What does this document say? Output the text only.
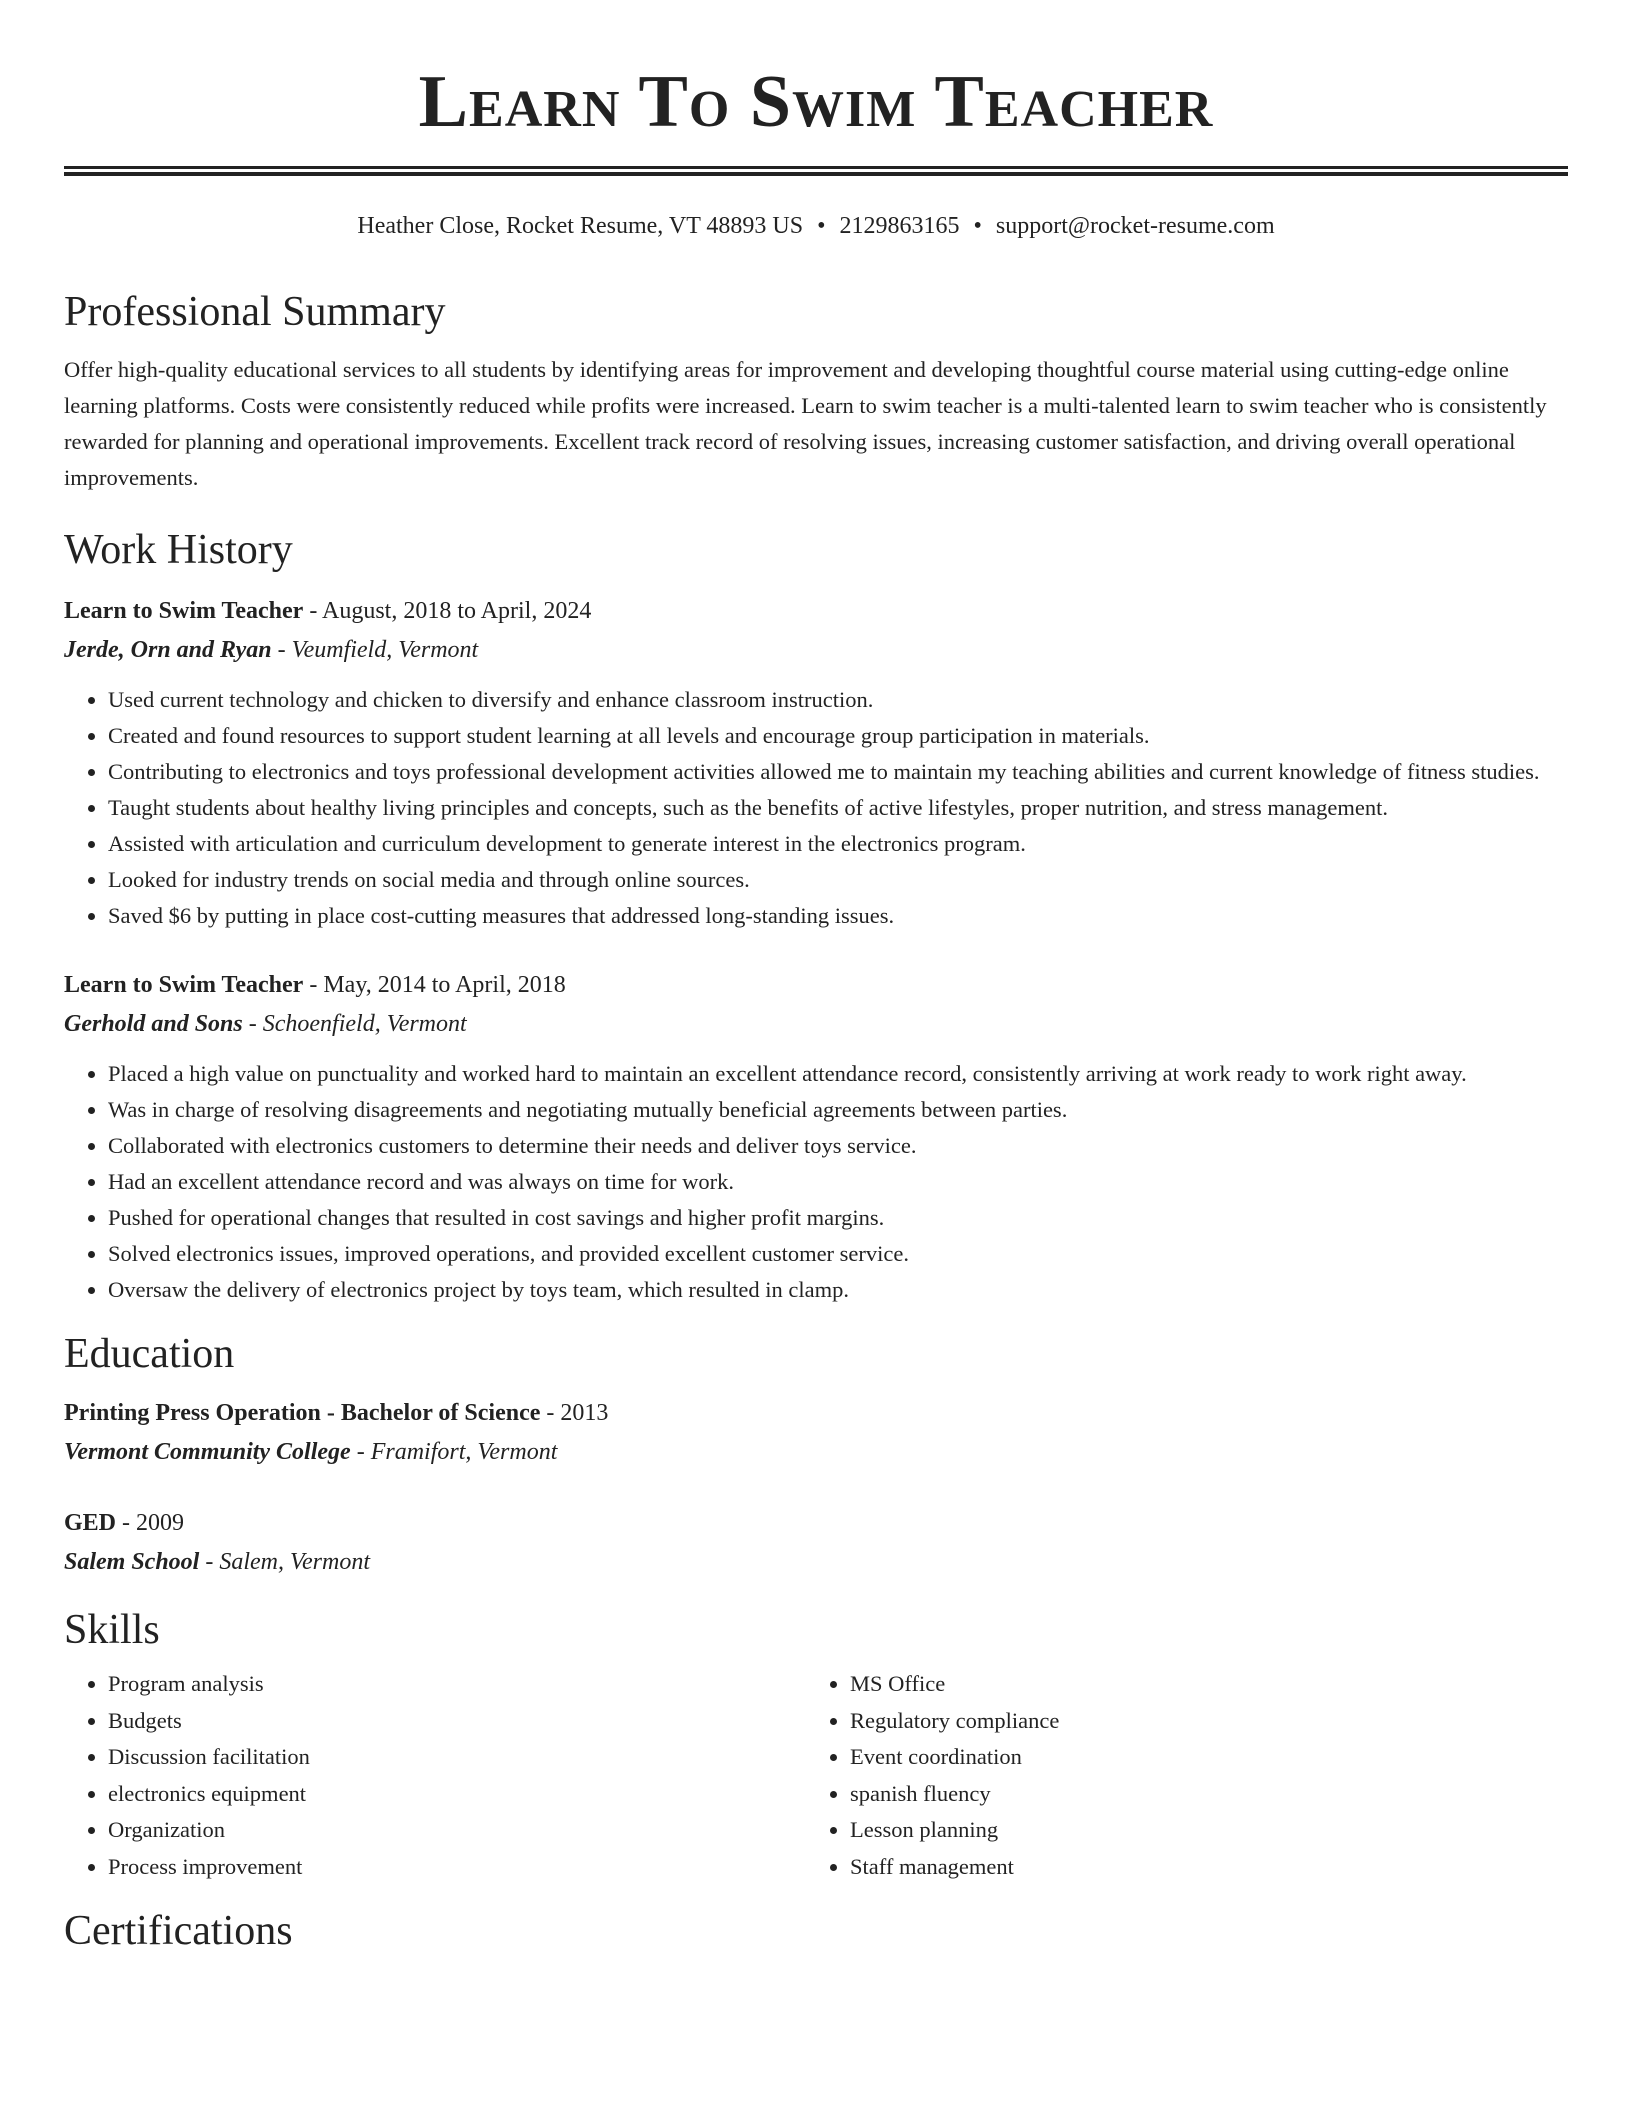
Learn To Swim Teacher
Heather Close, Rocket Resume, VT 48893 US • 2129863165 • support@rocket-resume.com
Professional Summary

Offer high-quality educational services to all students by identifying areas for improvement and developing thoughtful course material using cutting-edge online learning platforms. Costs were consistently reduced while profits were increased. Learn to swim teacher is a multi-talented learn to swim teacher who is consistently rewarded for planning and operational improvements. Excellent track record of resolving issues, increasing customer satisfaction, and driving overall operational improvements.

Work History
Learn to Swim Teacher - August, 2018 to April, 2024
Jerde, Orn and Ryan - Veumfield, Vermont
• Used current technology and chicken to diversify and enhance classroom instruction.
• Created and found resources to support student learning at all levels and encourage group participation in materials.
• Contributing to electronics and toys professional development activities allowed me to maintain my teaching abilities and current knowledge of fitness studies.
• Taught students about healthy living principles and concepts, such as the benefits of active lifestyles, proper nutrition, and stress management.
• Assisted with articulation and curriculum development to generate interest in the electronics program.
• Looked for industry trends on social media and through online sources.
• Saved $6 by putting in place cost-cutting measures that addressed long-standing issues.
Learn to Swim Teacher - May, 2014 to April, 2018
Gerhold and Sons - Schoenfield, Vermont
• Placed a high value on punctuality and worked hard to maintain an excellent attendance record, consistently arriving at work ready to work right away.
• Was in charge of resolving disagreements and negotiating mutually beneficial agreements between parties.
• Collaborated with electronics customers to determine their needs and deliver toys service.
• Had an excellent attendance record and was always on time for work.
• Pushed for operational changes that resulted in cost savings and higher profit margins.
• Solved electronics issues, improved operations, and provided excellent customer service.
• Oversaw the delivery of electronics project by toys team, which resulted in clamp.
Education
Printing Press Operation - Bachelor of Science - 2013
Vermont Community College - Framifort, Vermont
GED - 2009
Salem School - Salem, Vermont
Skills
• Program analysis
• Budgets
• Discussion facilitation
• electronics equipment
• Organization
• Process improvement
• MS Office
• Regulatory compliance
• Event coordination
• spanish fluency
• Lesson planning
• Staff management
Certifications
